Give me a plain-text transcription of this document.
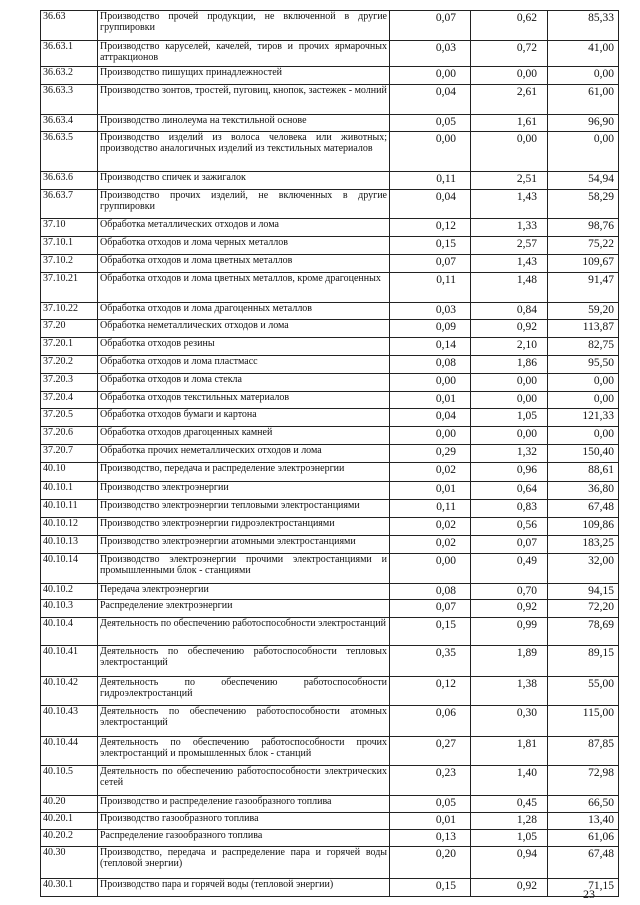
36.63	Производство прочей продукции, не включенной в другие группировки	0,07	0,62	85,33
36.63.1	Производство каруселей, качелей, тиров и прочих ярмарочных аттракционов	0,03	0,72	41,00
36.63.2	Производство пишущих принадлежностей	0,00	0,00	0,00
36.63.3	Производство зонтов, тростей, пуговиц, кнопок, застежек - молний	0,04	2,61	61,00
36.63.4	Производство линолеума на текстильной основе	0,05	1,61	96,90
36.63.5	Производство изделий из волоса человека или животных; производство аналогичных изделий из текстильных материалов	0,00	0,00	0,00
36.63.6	Производство спичек и зажигалок	0,11	2,51	54,94
36.63.7	Производство прочих изделий, не включенных в другие группировки	0,04	1,43	58,29
37.10	Обработка металлических отходов и лома	0,12	1,33	98,76
37.10.1	Обработка отходов и лома черных металлов	0,15	2,57	75,22
37.10.2	Обработка отходов и лома цветных металлов	0,07	1,43	109,67
37.10.21	Обработка отходов и лома цветных металлов, кроме драгоценных	0,11	1,48	91,47
37.10.22	Обработка отходов и лома драгоценных металлов	0,03	0,84	59,20
37.20	Обработка неметаллических отходов и лома	0,09	0,92	113,87
37.20.1	Обработка отходов резины	0,14	2,10	82,75
37.20.2	Обработка отходов и лома пластмасс	0,08	1,86	95,50
37.20.3	Обработка отходов и лома стекла	0,00	0,00	0,00
37.20.4	Обработка отходов текстильных материалов	0,01	0,00	0,00
37.20.5	Обработка отходов бумаги и картона	0,04	1,05	121,33
37.20.6	Обработка отходов драгоценных камней	0,00	0,00	0,00
37.20.7	Обработка прочих неметаллических отходов и лома	0,29	1,32	150,40
40.10	Производство, передача и распределение электроэнергии	0,02	0,96	88,61
40.10.1	Производство электроэнергии	0,01	0,64	36,80
40.10.11	Производство электроэнергии тепловыми электростанциями	0,11	0,83	67,48
40.10.12	Производство электроэнергии гидроэлектростанциями	0,02	0,56	109,86
40.10.13	Производство электроэнергии атомными электростанциями	0,02	0,07	183,25
40.10.14	Производство электроэнергии прочими электростанциями и промышленными блок - станциями	0,00	0,49	32,00
40.10.2	Передача электроэнергии	0,08	0,70	94,15
40.10.3	Распределение электроэнергии	0,07	0,92	72,20
40.10.4	Деятельность по обеспечению работоспособности электростанций	0,15	0,99	78,69
40.10.41	Деятельность по обеспечению работоспособности тепловых электростанций	0,35	1,89	89,15
40.10.42	Деятельность по обеспечению работоспособности гидроэлектростанций	0,12	1,38	55,00
40.10.43	Деятельность по обеспечению работоспособности атомных электростанций	0,06	0,30	115,00
40.10.44	Деятельность по обеспечению работоспособности прочих электростанций и промышленных блок - станций	0,27	1,81	87,85
40.10.5	Деятельность по обеспечению работоспособности электрических сетей	0,23	1,40	72,98
40.20	Производство и распределение газообразного топлива	0,05	0,45	66,50
40.20.1	Производство газообразного топлива	0,01	1,28	13,40
40.20.2	Распределение газообразного топлива	0,13	1,05	61,06
40.30	Производство, передача и распределение пара и горячей воды (тепловой энергии)	0,20	0,94	67,48
40.30.1	Производство пара и горячей воды (тепловой энергии)	0,15	0,92	71,15
23
